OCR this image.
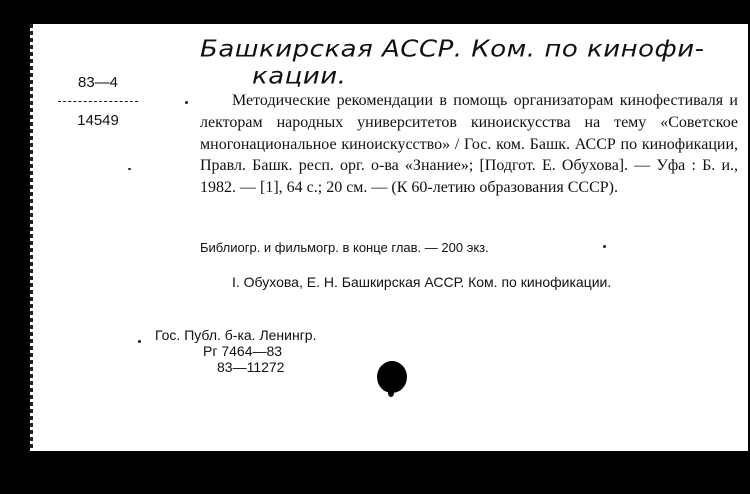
Башкирская АССР. Ком. по кинофи-
кации.
83—4
14549
Методические рекомендации в помощь организаторам кинофестиваля и лекторам народных университетов киноискусства на тему «Советское многонациональное киноискусство» / Гос. ком. Башк. АССР по кинофикации, Правл. Башк. респ. орг. о-ва «Знание»; [Подгот. Е. Обухова]. — Уфа : Б. и., 1982. — [1], 64 с.; 20 см. — (К 60-летию образования СССР).
Библиогр. и фильмогр. в конце глав. — 200 экз.
I. Обухова, Е. Н. Башкирская АССР. Ком. по кинофикации.
Гос. Публ. б-ка. Ленингр.
Рг 7464—83
83—11272
